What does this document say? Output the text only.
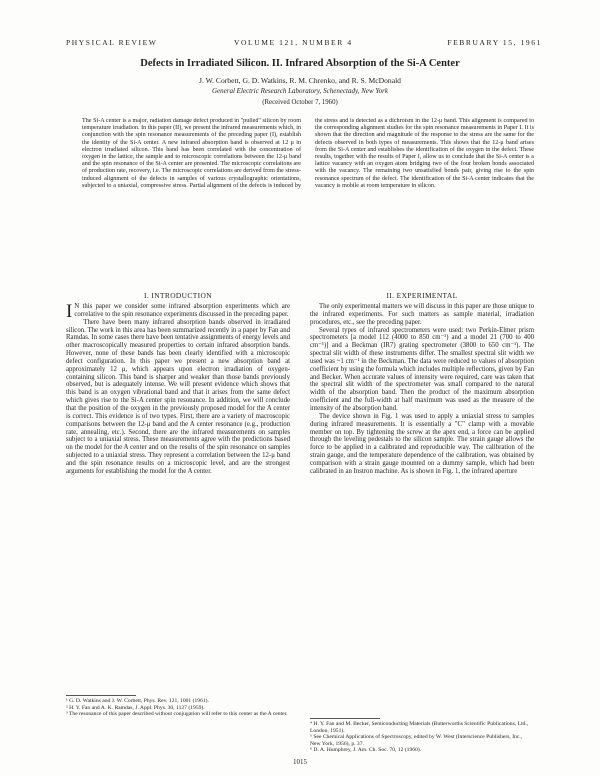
PHYSICAL REVIEW	VOLUME 121, NUMBER 4	FEBRUARY 15, 1961
Defects in Irradiated Silicon. II. Infrared Absorption of the Si-A Center
J. W. Corbett, G. D. Watkins, R. M. Chrenko, and R. S. McDonald
General Electric Research Laboratory, Schenectady, New York
(Received October 7, 1960)
The Si-A center is a major, radiation damage defect produced in "pulled" silicon by room temperature irradiation. In this paper (II), we present the infrared measurements which, in conjunction with the spin resonance measurements of the preceding paper (I), establish the identity of the Si-A center. A new infrared absorption band is observed at 12 μ in electron irradiated silicon. This band has been correlated with the concentration of oxygen in the lattice, the sample and to microscopic correlations between the 12-μ band and the spin resonance of the Si-A center are presented. The microscopic correlations are of production rate, recovery, i.e. The microscopic correlations are derived from the stress-induced alignment of the defects in samples of various crystallographic orientations, subjected to a uniaxial, compressive stress. Partial alignment of the defects is induced by the stress and is detected as a dichroism in the 12-μ band. This alignment is compared to the corresponding alignment studies for the spin resonance measurements in Paper I. It is shown that the direction and magnitude of the response to the stress are the same for the defects observed in both types of measurements. This shows that the 12-μ band arises from the Si-A center and establishes the identification of the oxygen in the defect. These results, together with the results of Paper I, allow us to conclude that the Si-A center is a lattice vacancy with an oxygen atom bridging two of the four broken bonds associated with the vacancy. The remaining two unsatisfied bonds pair, giving rise to the spin resonance spectrum of the defect. The identification of the Si-A center indicates that the vacancy is mobile at room temperature in silicon.
I. INTRODUCTION	II. EXPERIMENTAL

I N this paper we consider some infrared absorption experiments which are correlative to the spin resonance experiments discussed in the preceding paper.

There have been many infrared absorption bands observed in irradiated silicon. The work in this area has been summarized recently in a paper by Fan and Ramdas. In some cases there have been tentative assignments of energy levels and other macroscopically measured properties to certain infrared absorption bands. However, none of these bands has been clearly identified with a microscopic defect configuration. In this paper we present a new absorption band at approximately 12 μ, which appears upon electron irradiation of oxygen-containing silicon. This band is sharper and weaker than those bands previously observed, but is adequately intense. We will present evidence which shows that this band is an oxygen vibrational band and that it arises from the same defect which gives rise to the Si-A center spin resonance. In addition, we will conclude that the position of the oxygen in the previously proposed model for the A center is correct. This evidence is of two types. First, there are a variety of macroscopic comparisons between the 12-μ band and the A center resonance (e.g., production rate, annealing, etc.). Second, there are the infrared measurements on samples subject to a uniaxial stress. These measurements agree with the predictions based on the model for the A center and on the results of the spin resonance on samples subjected to a uniaxial stress. They represent a correlation between the 12-μ band and the spin resonance results on a microscopic level, and are the strongest arguments for establishing the model for the A center.

The only experimental matters we will discuss in this paper are those unique to the infrared experiments. For such matters as sample material, irradiation procedures, etc., see the preceding paper.

Several types of infrared spectrometers were used: two Perkin-Elmer prism spectrometers [a model 112 (4000 to 850 cm⁻¹) and a model 21 (700 to 400 cm⁻¹)] and a Beckman (IR7) grating spectrometer (3800 to 650 cm⁻¹). The spectral slit width of these instruments differ. The smallest spectral slit width we used was ~1 cm⁻¹ in the Beckman. The data were reduced to values of absorption coefficient by using the formula which includes multiple reflections, given by Fan and Becker. When accurate values of intensity were required, care was taken that the spectral slit width of the spectrometer was small compared to the natural width of the absorption band. Then the product of the maximum absorption coefficient and the full-width at half maximum was used as the measure of the intensity of the absorption band.

The device shown in Fig. 1 was used to apply a uniaxial stress to samples during infrared measurements. It is essentially a "C" clamp with a movable member on top. By tightening the screw at the apex end, a force can be applied through the leveling pedestals to the silicon sample. The strain gauge allows the force to be applied in a calibrated and reproducible way. The calibration of the strain gauge, and the temperature dependence of the calibration, was obtained by comparison with a strain gauge mounted on a dummy sample, which had been calibrated in an Instron machine. As is shown in Fig. 1, the infrared aperture

¹ G. D. Watkins and J. W. Corbett, Phys. Rev. 121, 1001 (1961).
² H. Y. Fan and A. K. Ramdas, J. Appl. Phys. 30, 1127 (1959).
³ The resonance of this paper described without conjugation will refer to this center as the A center.
⁴ H. Y. Fan and M. Becker, Semiconducting Materials (Butterworths Scientific Publications, Ltd., London, 1951).
⁵ See Chemical Applications of Spectroscopy, edited by W. West (Interscience Publishers, Inc., New York, 1956), p. 37.
⁶ D. A. Humphrey, J. Am. Ch. Soc. 70, 12 (1960).
1015
